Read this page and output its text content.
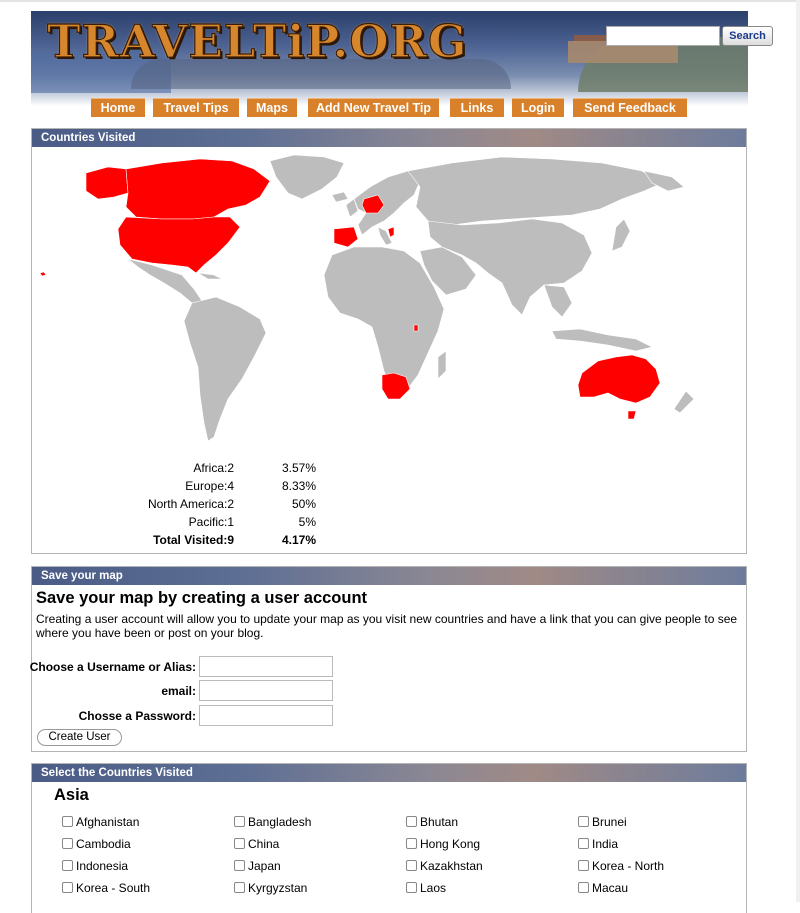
TRAVELTiP.ORG	Search
Home	Travel Tips	Maps	Add New Travel Tip	Links	Login	Send Feedback
Countries Visited
Africa:2	3.57%
Europe:4	8.33%
North America:2	50%
Pacific:1	5%
Total Visited:9	4.17%
Save your map
Save your map by creating a user account
Creating a user account will allow you to update your map as you visit new countries and have a link that you can give people to see where you have been or post on your blog.
Choose a Username or Alias:
email:
Chosse a Password:
Create User
Select the Countries Visited
Asia
Afghanistan	Bangladesh	Bhutan	Brunei
Cambodia	China	Hong Kong	India
Indonesia	Japan	Kazakhstan	Korea - North
Korea - South	Kyrgyzstan	Laos	Macau
